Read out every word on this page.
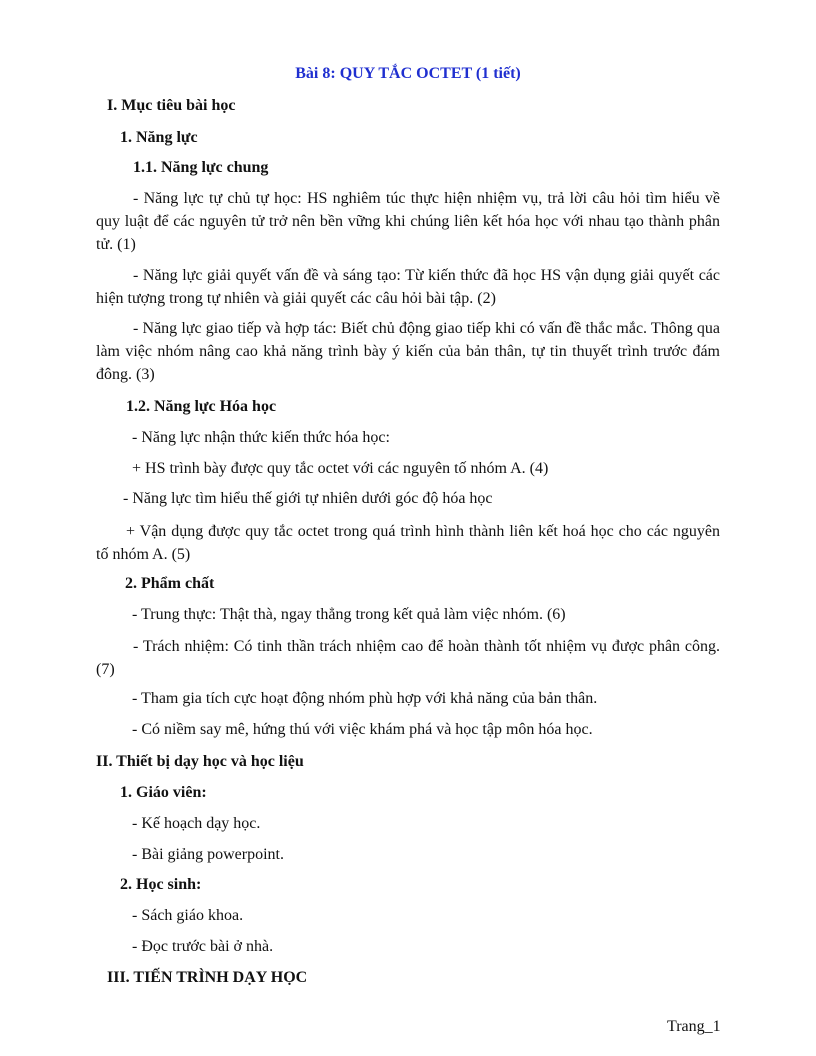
Bài 8: QUY TẮC OCTET (1 tiết)
I. Mục tiêu bài học
1. Năng lực
1.1. Năng lực chung
- Năng lực tự chủ tự học: HS nghiêm túc thực hiện nhiệm vụ, trả lời câu hỏi tìm hiểu về quy luật để các nguyên tử trở nên bền vững khi chúng liên kết hóa học với nhau tạo thành phân tử. (1)
- Năng lực giải quyết vấn đề và sáng tạo: Từ kiến thức đã học HS vận dụng giải quyết các hiện tượng trong tự nhiên và giải quyết các câu hỏi bài tập. (2)
- Năng lực giao tiếp và hợp tác: Biết chủ động giao tiếp khi có vấn đề thắc mắc. Thông qua làm việc nhóm nâng cao khả năng trình bày ý kiến của bản thân, tự tin thuyết trình trước đám đông. (3)
1.2. Năng lực Hóa học
- Năng lực nhận thức kiến thức hóa học:
+ HS trình bày được quy tắc octet với các nguyên tố nhóm A. (4)
- Năng lực tìm hiểu thế giới tự nhiên dưới góc độ hóa học
+ Vận dụng được quy tắc octet trong quá trình hình thành liên kết hoá học cho các nguyên tố nhóm A. (5)
2. Phẩm chất
- Trung thực: Thật thà, ngay thẳng trong kết quả làm việc nhóm. (6)
- Trách nhiệm: Có tinh thần trách nhiệm cao để hoàn thành tốt nhiệm vụ được phân công. (7)
- Tham gia tích cực hoạt động nhóm phù hợp với khả năng của bản thân.
- Có niềm say mê, hứng thú với việc khám phá và học tập môn hóa học.
II. Thiết bị dạy học và học liệu
1. Giáo viên:
- Kế hoạch dạy học.
- Bài giảng powerpoint.
2. Học sinh:
- Sách giáo khoa.
- Đọc trước bài ở nhà.
III. TIẾN TRÌNH DẠY HỌC
Trang_1
